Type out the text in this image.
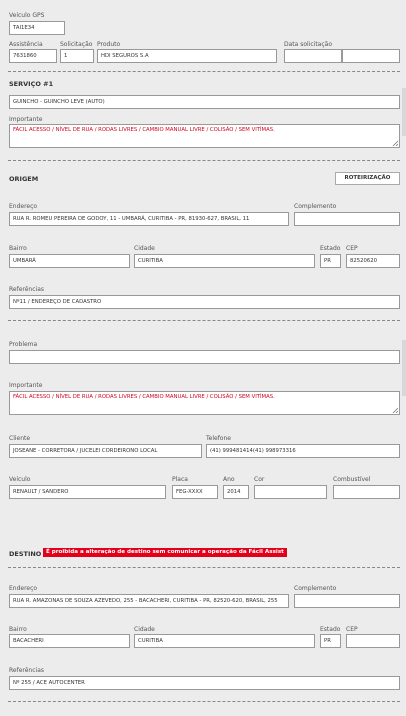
Veículo GPS
TAI1E34
Assistência
7631860
Solicitação
1
Produto
HDI SEGUROS S.A
Data solicitação
SERVIÇO #1
GUINCHO - GUINCHO LEVE (AUTO)
Importante
FÁCIL ACESSO / NÍVEL DE RUA / RODAS LIVRES / CAMBIO MANUAL LIVRE / COLISÃO / SEM VITÍMAS.
ORIGEM	ROTEIRIZAÇÃO
Endereço
RUA R. ROMEU PEREIRA DE GODOY, 11 - UMBARÁ, CURITIBA - PR, 81930-627, BRASIL, 11
Complemento
Bairro
UMBARÁ
Cidade
CURITIBA
Estado
PR
CEP
82520620
Referências
Nº11 / ENDEREÇO DE CADASTRO
Problema
Importante
FÁCIL ACESSO / NÍVEL DE RUA / RODAS LIVRES / CAMBIO MANUAL LIVRE / COLISÃO / SEM VITÍMAS.
Cliente
JOSEANE - CORRETORA / JUCELEI CORDEIRONO LOCAL
Telefone
(41) 999481414(41) 998973316
Veículo
RENAULT / SANDERO
Placa
FEG-XXXX
Ano
2014
Cor	Combustível
DESTINO É proibida a alteração de destino sem comunicar a operação da Fácil Assist
Endereço
RUA R. AMAZONAS DE SOUZA AZEVEDO, 255 - BACACHERI, CURITIBA - PR, 82520-620, BRASIL, 255
Complemento
Bairro
BACACHERI
Cidade
CURITIBA
Estado
PR
CEP
Referências
Nº 255 / ACE AUTOCENTER
